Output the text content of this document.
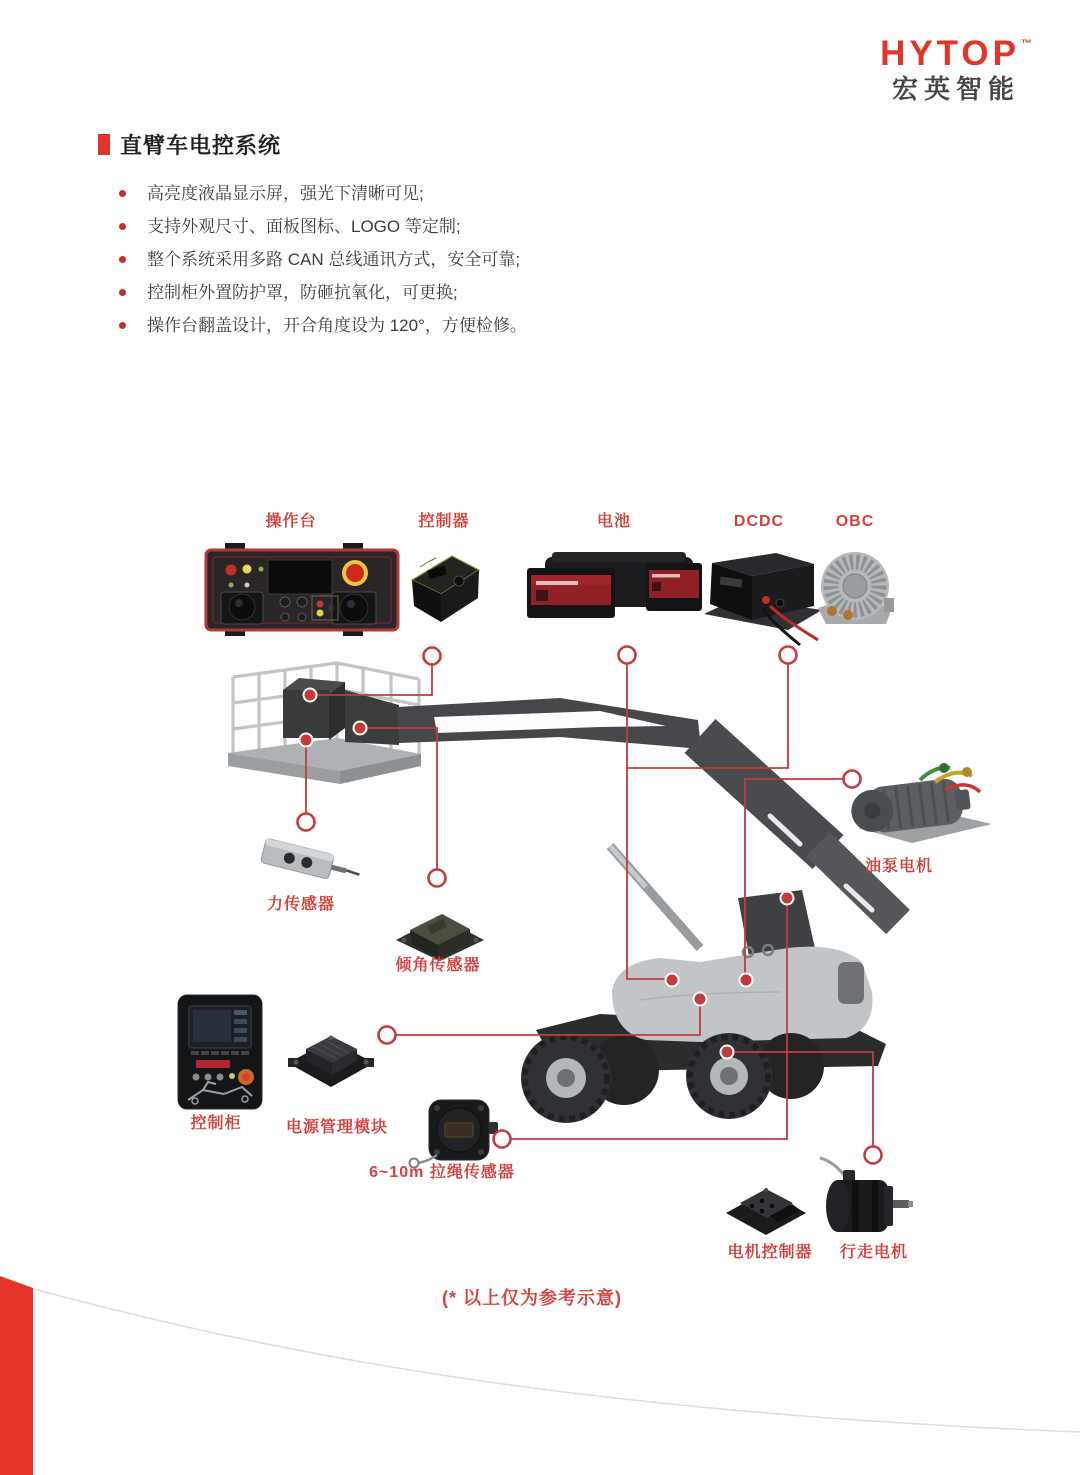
HYTOP™
宏英智能
直臂车电控系统
高亮度液晶显示屏，强光下清晰可见;
支持外观尺寸、面板图标、LOGO 等定制;
整个系统采用多路 CAN 总线通讯方式，安全可靠;
控制柜外置防护罩，防砸抗氧化，可更换;
操作台翻盖设计，开合角度设为 120°，方便检修。
操作台	控制器	电池	DCDC	OBC
油泵电机
力传感器
倾角传感器
控制柜	电源管理模块
6~10m 拉绳传感器
电机控制器 行走电机
(* 以上仅为参考示意)
